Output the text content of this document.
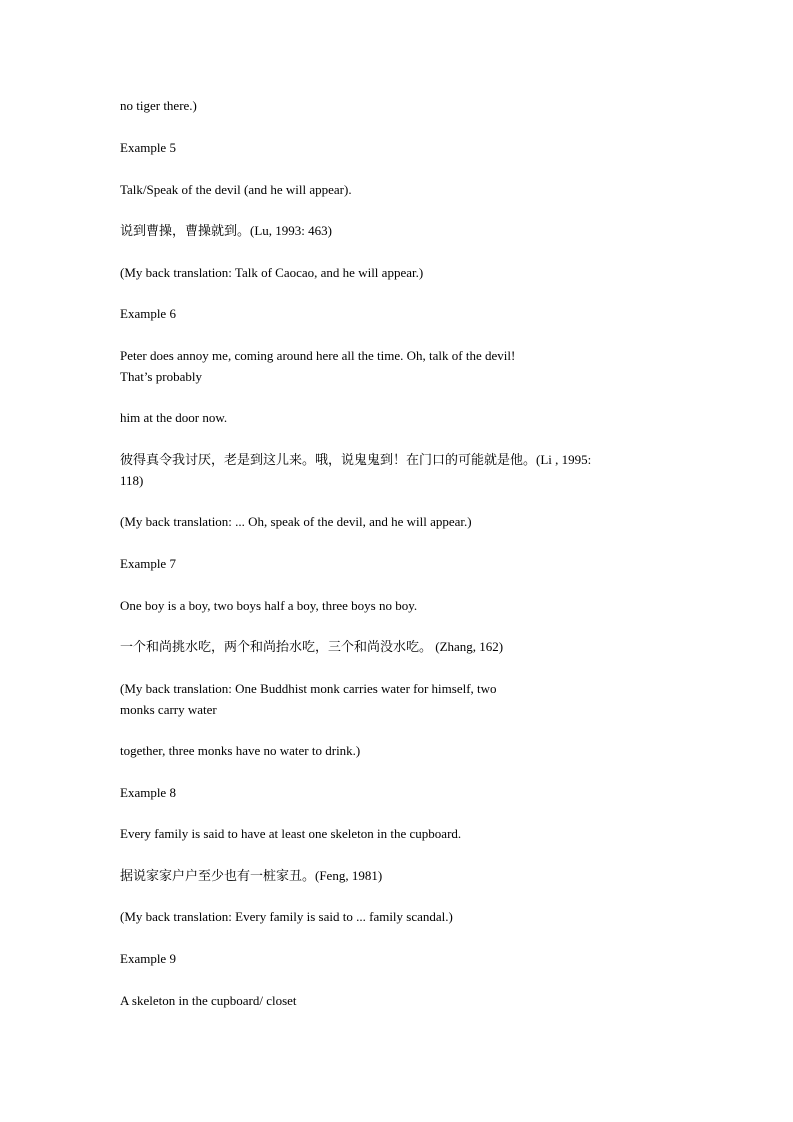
no tiger there.)

Example 5

Talk/Speak of the devil (and he will appear).

说到曹操，曹操就到。(Lu, 1993: 463)

(My back translation: Talk of Caocao, and he will appear.)

Example 6

Peter does annoy me, coming around here all the time. Oh, talk of the devil!

That’s probably

him at the door now.

彼得真令我讨厌，老是到这儿来。哦，说鬼鬼到！在门口的可能就是他。(Li , 1995:

118)

(My back translation: ... Oh, speak of the devil, and he will appear.)

Example 7

One boy is a boy, two boys half a boy, three boys no boy.

一个和尚挑水吃，两个和尚抬水吃，三个和尚没水吃。 (Zhang, 162)

(My back translation: One Buddhist monk carries water for himself, two

monks carry water

together, three monks have no water to drink.)

Example 8

Every family is said to have at least one skeleton in the cupboard.

据说家家户户至少也有一桩家丑。(Feng, 1981)

(My back translation: Every family is said to ... family scandal.)

Example 9

A skeleton in the cupboard/ closet
